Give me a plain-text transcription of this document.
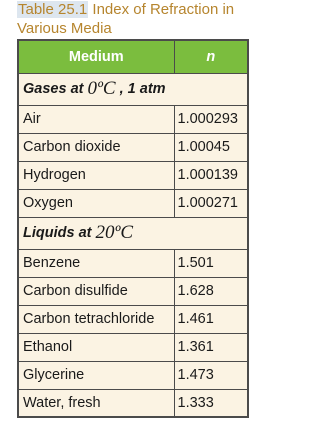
Table 25.1 Index of Refraction in Various Media
Medium	n
Gases at 0ºC , 1 atm	
Air	1.000293
Carbon dioxide	1.00045
Hydrogen	1.000139
Oxygen	1.000271
Liquids at 20ºC	
Benzene	1.501
Carbon disulfide	1.628
Carbon tetrachloride	1.461
Ethanol	1.361
Glycerine	1.473
Water, fresh	1.333
